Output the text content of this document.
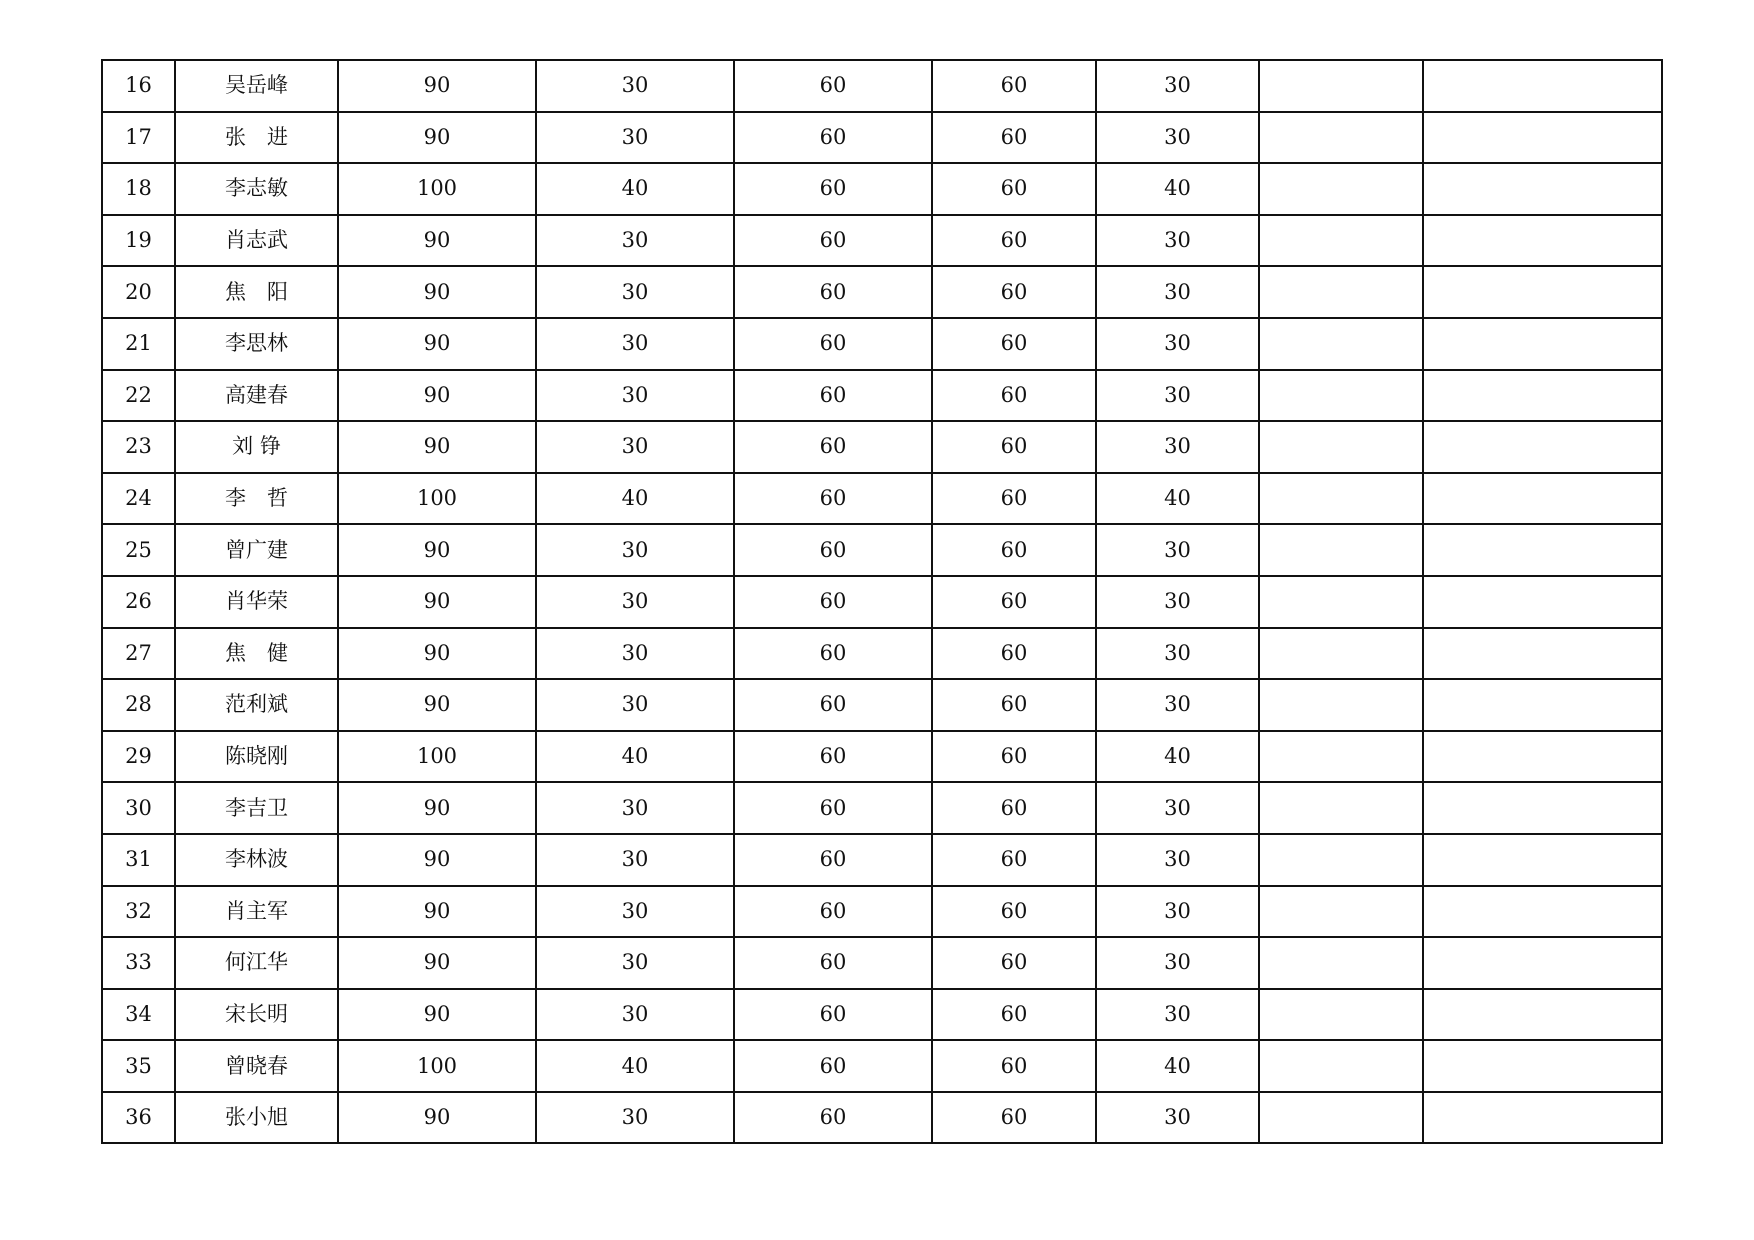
16	吴岳峰	90	30	60	60	30		
17	张　进	90	30	60	60	30		
18	李志敏	100	40	60	60	40		
19	肖志武	90	30	60	60	30		
20	焦　阳	90	30	60	60	30		
21	李思林	90	30	60	60	30		
22	高建春	90	30	60	60	30		
23	刘 铮	90	30	60	60	30		
24	李　哲	100	40	60	60	40		
25	曾广建	90	30	60	60	30		
26	肖华荣	90	30	60	60	30		
27	焦　健	90	30	60	60	30		
28	范利斌	90	30	60	60	30		
29	陈晓刚	100	40	60	60	40		
30	李吉卫	90	30	60	60	30		
31	李林波	90	30	60	60	30		
32	肖主军	90	30	60	60	30		
33	何江华	90	30	60	60	30		
34	宋长明	90	30	60	60	30		
35	曾晓春	100	40	60	60	40		
36	张小旭	90	30	60	60	30		
